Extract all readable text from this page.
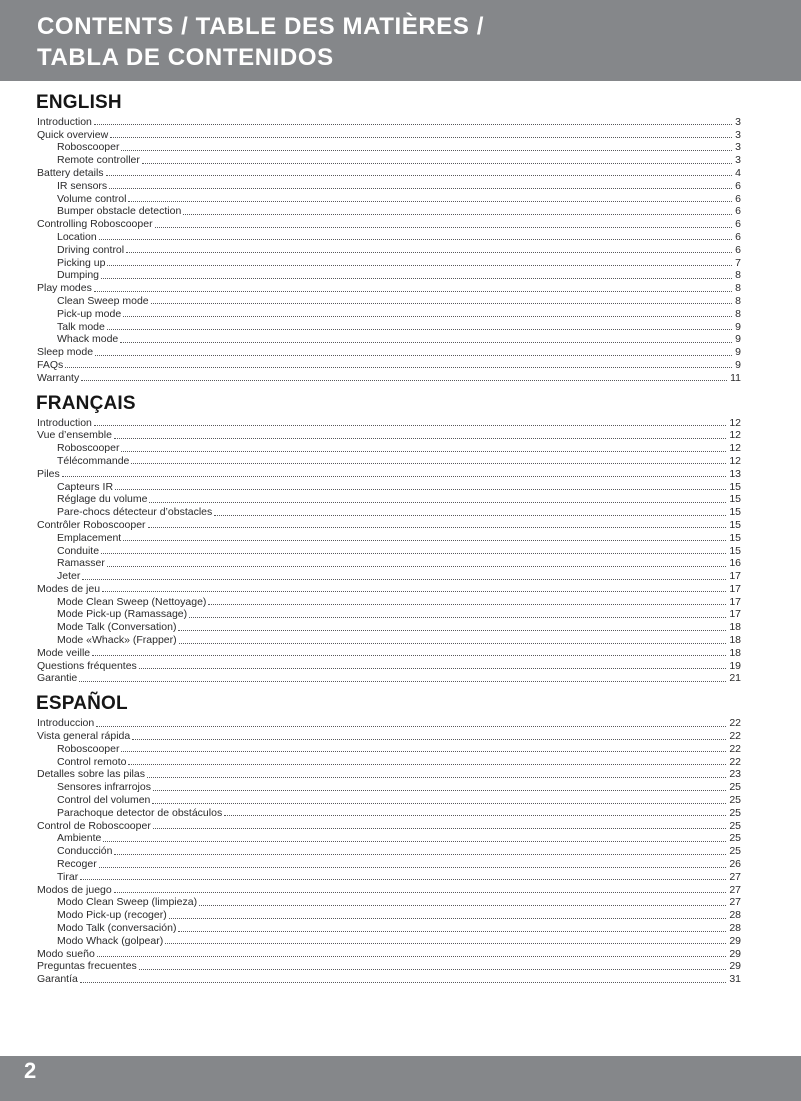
CONTENTS / TABLE DES MATIÈRES /
TABLA DE CONTENIDOS
ENGLISH
Introduction	3
Quick overview	3
Roboscooper	3
Remote controller	3
Battery details	4
IR sensors	6
Volume control	6
Bumper obstacle detection	6
Controlling Roboscooper	6
Location	6
Driving control	6
Picking up	7
Dumping	8
Play modes	8
Clean Sweep mode	8
Pick-up mode	8
Talk mode	9
Whack mode	9
Sleep mode	9
FAQs	9
Warranty	11
FRANÇAIS
Introduction	12
Vue d’ensemble	12
Roboscooper	12
Télécommande	12
Piles	13
Capteurs IR	15
Réglage du volume	15
Pare-chocs détecteur d’obstacles	15
Contrôler Roboscooper	15
Emplacement	15
Conduite	15
Ramasser	16
Jeter	17
Modes de jeu	17
Mode Clean Sweep (Nettoyage)	17
Mode Pick-up (Ramassage)	17
Mode Talk (Conversation)	18
Mode «Whack» (Frapper)	18
Mode veille	18
Questions fréquentes	19
Garantie	21
ESPAÑOL
Introduccion	22
Vista general rápida	22
Roboscooper	22
Control remoto	22
Detalles sobre las pilas	23
Sensores infrarrojos	25
Control del volumen	25
Parachoque detector de obstáculos	25
Control de Roboscooper	25
Ambiente	25
Conducción	25
Recoger	26
Tirar	27
Modos de juego	27
Modo Clean Sweep (limpieza)	27
Modo Pick-up (recoger)	28
Modo Talk (conversación)	28
Modo Whack (golpear)	29
Modo sueño	29
Preguntas frecuentes	29
Garantía	31
2
